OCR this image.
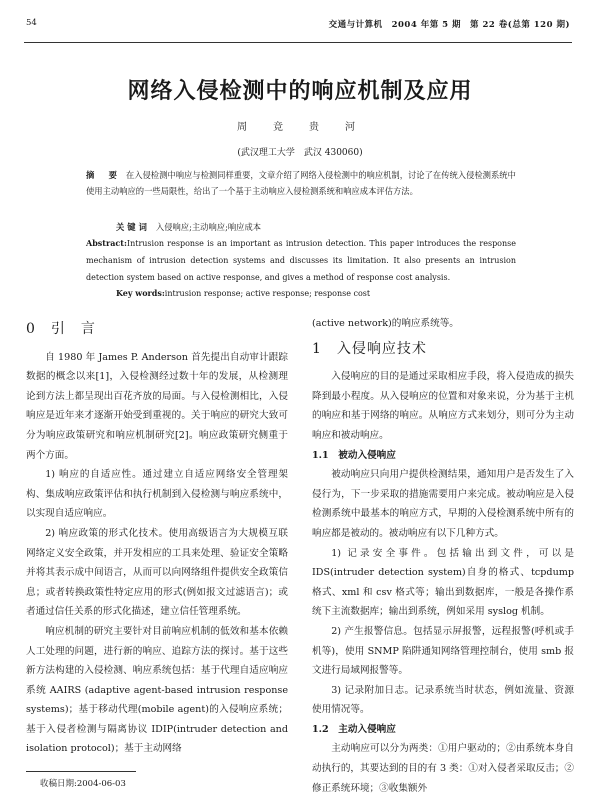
54	交通与计算机　2004 年第 5 期　第 22 卷(总第 120 期)
网络入侵检测中的响应机制及应用
周　竞　贵　河
(武汉理工大学　武汉 430060)
摘　要 在入侵检测中响应与检测同样重要，文章介绍了网络入侵检测中的响应机制，讨论了在传统入侵检测系统中使用主动响应的一些局限性，给出了一个基于主动响应入侵检测系统和响应成本评估方法。
关键词 入侵响应;主动响应;响应成本
Abstract:Intrusion response is an important as intrusion detection. This paper introduces the response mechanism of intrusion detection systems and discusses its limitation. It also presents an intrusion detection system based on active response, and gives a method of response cost analysis.
Key words:intrusion response; active response; response cost
0　引　言

自 1980 年 James P. Anderson 首先提出自动审计跟踪数据的概念以来[1]，入侵检测经过数十年的发展，从检测理论到方法上都呈现出百花齐放的局面。与入侵检测相比，入侵响应是近年来才逐渐开始受到重视的。关于响应的研究大致可分为响应政策研究和响应机制研究[2]。响应政策研究侧重于两个方面。

1) 响应的自适应性。通过建立自适应网络安全管理架构、集成响应政策评估和执行机制到入侵检测与响应系统中，以实现自适应响应。

2) 响应政策的形式化技术。使用高级语言为大规模互联网络定义安全政策，并开发相应的工具来处理、验证安全策略并将其表示成中间语言，从而可以向网络组件提供安全政策信息；或者转换政策性特定应用的形式(例如报文过滤语言)；或者通过信任关系的形式化描述，建立信任管理系统。

响应机制的研究主要针对目前响应机制的低效和基本依赖人工处理的问题，进行新的响应、追踪方法的探讨。基于这些新方法构建的入侵检测、响应系统包括：基于代理自适应响应系统 AAIRS (adaptive agent-based intrusion response systems)；基于移动代理(mobile agent)的入侵响应系统；基于入侵者检测与隔离协议 IDIP(intruder detection and isolation protocol)；基于主动网络

收稿日期:2004-06-03

(active network)的响应系统等。

1　入侵响应技术

入侵响应的目的是通过采取相应手段，将入侵造成的损失降到最小程度。从入侵响应的位置和对象来说，分为基于主机的响应和基于网络的响应。从响应方式来划分，则可分为主动响应和被动响应。

1.1　被动入侵响应

被动响应只向用户提供检测结果，通知用户是否发生了入侵行为，下一步采取的措施需要用户来完成。被动响应是入侵检测系统中最基本的响应方式，早期的入侵检测系统中所有的响应都是被动的。被动响应有以下几种方式。

1) 记录安全事件。包括输出到文件，可以是 IDS(intruder detection system)自身的格式、tcpdump 格式、xml 和 csv 格式等；输出到数据库，一般是各操作系统下主流数据库；输出到系统，例如采用 syslog 机制。

2) 产生报警信息。包括显示屏报警，远程报警(呼机或手机等)，使用 SNMP 陷阱通知网络管理控制台，使用 smb 报文进行局域网报警等。

3) 记录附加日志。记录系统当时状态，例如流量、资源使用情况等。

1.2　主动入侵响应

主动响应可以分为两类：①用户驱动的；②由系统本身自动执行的，其要达到的目的有 3 类：①对入侵者采取反击；②修正系统环境；③收集额外
